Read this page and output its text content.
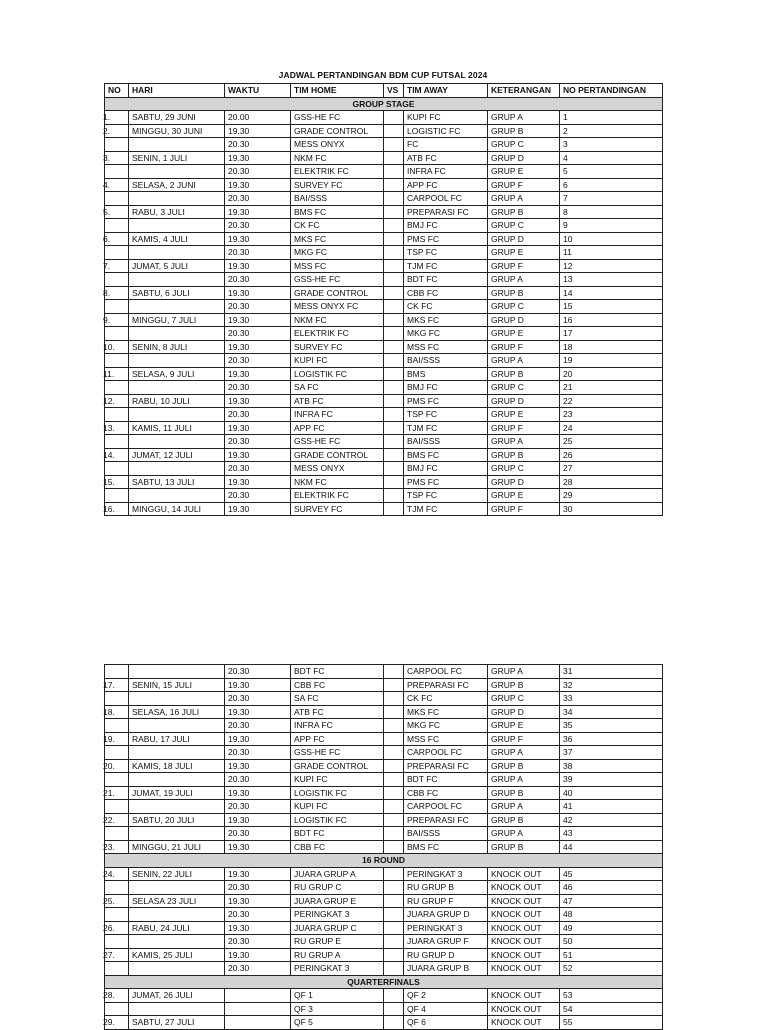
JADWAL PERTANDINGAN BDM CUP FUTSAL 2024
NO	HARI	WAKTU	TIM HOME	VS	TIM AWAY	KETERANGAN	NO PERTANDINGAN
GROUP STAGE							
1.	SABTU, 29 JUNI	20.00	GSS-HE FC		KUPI FC	GRUP A	1
2.	MINGGU, 30 JUNI	19.30	GRADE CONTROL		LOGISTIC FC	GRUP B	2
		20.30	MESS ONYX		FC	GRUP C	3
3.	SENIN, 1 JULI	19.30	NKM FC		ATB FC	GRUP D	4
		20.30	ELEKTRIK FC		INFRA FC	GRUP E	5
4.	SELASA, 2 JUNI	19.30	SURVEY FC		APP FC	GRUP F	6
		20.30	BAI/SSS		CARPOOL FC	GRUP A	7
5.	RABU, 3 JULI	19.30	BMS FC		PREPARASI FC	GRUP B	8
		20.30	CK FC		BMJ FC	GRUP C	9
6.	KAMIS, 4 JULI	19.30	MKS FC		PMS FC	GRUP D	10
		20.30	MKG FC		TSP FC	GRUP E	11
7.	JUMAT, 5 JULI	19.30	MSS FC		TJM FC	GRUP F	12
		20.30	GSS-HE FC		BDT FC	GRUP A	13
8.	SABTU, 6 JULI	19.30	GRADE CONTROL		CBB FC	GRUP B	14
		20.30	MESS ONYX FC		CK FC	GRUP C	15
9.	MINGGU, 7 JULI	19.30	NKM FC		MKS FC	GRUP D	16
		20.30	ELEKTRIK FC		MKG FC	GRUP E	17
10.	SENIN, 8 JULI	19.30	SURVEY FC		MSS FC	GRUP F	18
		20.30	KUPI FC		BAI/SSS	GRUP A	19
11.	SELASA, 9 JULI	19.30	LOGISTIK FC		BMS	GRUP B	20
		20.30	SA FC		BMJ FC	GRUP C	21
12.	RABU, 10 JULI	19.30	ATB FC		PMS FC	GRUP D	22
		20.30	INFRA FC		TSP FC	GRUP E	23
13.	KAMIS, 11 JULI	19.30	APP FC		TJM FC	GRUP F	24
		20.30	GSS-HE FC		BAI/SSS	GRUP A	25
14.	JUMAT, 12 JULI	19.30	GRADE CONTROL		BMS FC	GRUP B	26
		20.30	MESS ONYX		BMJ FC	GRUP C	27
15.	SABTU, 13 JULI	19.30	NKM FC		PMS FC	GRUP D	28
		20.30	ELEKTRIK FC		TSP FC	GRUP E	29
16.	MINGGU, 14 JULI	19.30	SURVEY FC		TJM FC	GRUP F	30
		20.30	BDT FC		CARPOOL FC	GRUP A	31
17.	SENIN, 15 JULI	19.30	CBB FC		PREPARASI FC	GRUP B	32
		20.30	SA FC		CK FC	GRUP C	33
18.	SELASA, 16 JULI	19.30	ATB FC		MKS FC	GRUP D	34
		20.30	INFRA FC		MKG FC	GRUP E	35
19.	RABU, 17 JULI	19.30	APP FC		MSS FC	GRUP F	36
		20.30	GSS-HE FC		CARPOOL FC	GRUP A	37
20.	KAMIS, 18 JULI	19.30	GRADE CONTROL		PREPARASI FC	GRUP B	38
		20.30	KUPI FC		BDT FC	GRUP A	39
21.	JUMAT, 19 JULI	19.30	LOGISTIK FC		CBB FC	GRUP B	40
		20.30	KUPI FC		CARPOOL FC	GRUP A	41
22.	SABTU, 20 JULI	19.30	LOGISTIK FC		PREPARASI FC	GRUP B	42
		20.30	BDT FC		BAI/SSS	GRUP A	43
23.	MINGGU, 21 JULI	19.30	CBB FC		BMS FC	GRUP B	44
16 ROUND							
24.	SENIN, 22 JULI	19.30	JUARA GRUP A		PERINGKAT 3	KNOCK OUT	45
		20.30	RU GRUP C		RU GRUP B	KNOCK OUT	46
25.	SELASA 23 JULI	19.30	JUARA GRUP E		RU GRUP F	KNOCK OUT	47
		20.30	PERINGKAT 3		JUARA GRUP D	KNOCK OUT	48
26.	RABU, 24 JULI	19.30	JUARA GRUP C		PERINGKAT 3	KNOCK OUT	49
		20.30	RU GRUP E		JUARA GRUP F	KNOCK OUT	50
27.	KAMIS, 25 JULI	19.30	RU GRUP A		RU GRUP D	KNOCK OUT	51
		20.30	PERINGKAT 3		JUARA GRUP B	KNOCK OUT	52
QUARTERFINALS							
28.	JUMAT, 26 JULI		QF 1		QF 2	KNOCK OUT	53
			QF 3		QF 4	KNOCK OUT	54
29.	SABTU, 27 JULI		QF 5		QF 6	KNOCK OUT	55
